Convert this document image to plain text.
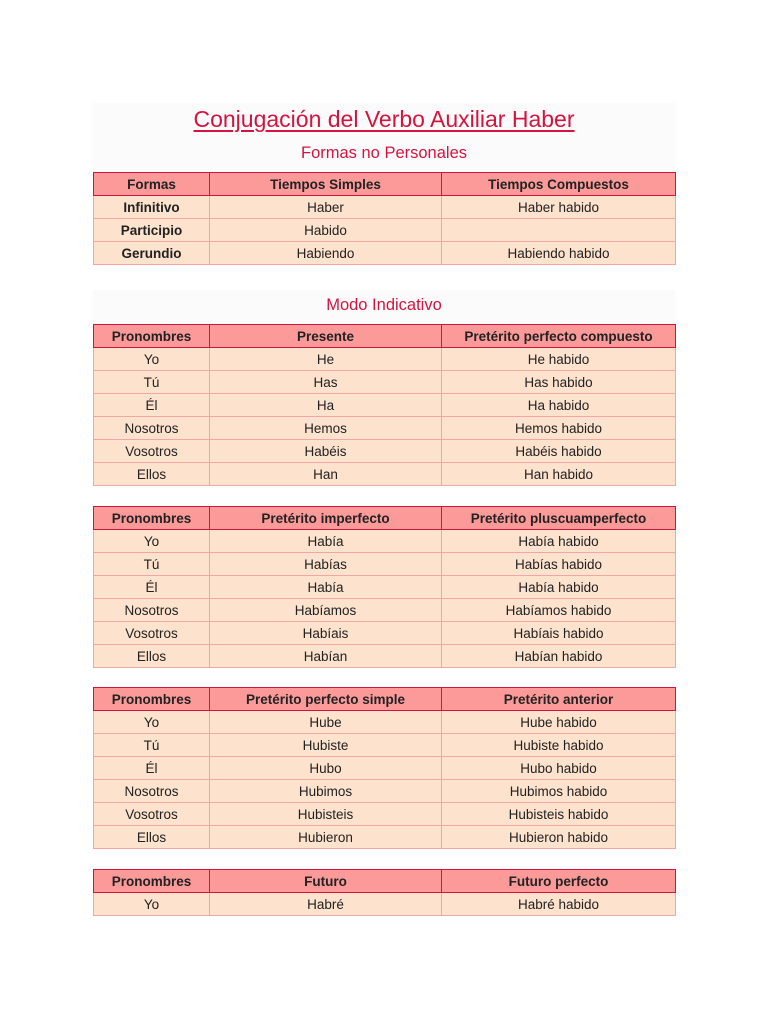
Conjugación del Verbo Auxiliar Haber
Formas no Personales
Formas	Tiempos Simples	Tiempos Compuestos
Infinitivo	Haber	Haber habido
Participio	Habido	
Gerundio	Habiendo	Habiendo habido
Modo Indicativo
Pronombres	Presente	Pretérito perfecto compuesto
Yo	He	He habido
Tú	Has	Has habido
Él	Ha	Ha habido
Nosotros	Hemos	Hemos habido
Vosotros	Habéis	Habéis habido
Ellos	Han	Han habido
Pronombres	Pretérito imperfecto	Pretérito pluscuamperfecto
Yo	Había	Había habido
Tú	Habías	Habías habido
Él	Había	Había habido
Nosotros	Habíamos	Habíamos habido
Vosotros	Habíais	Habíais habido
Ellos	Habían	Habían habido
Pronombres	Pretérito perfecto simple	Pretérito anterior
Yo	Hube	Hube habido
Tú	Hubiste	Hubiste habido
Él	Hubo	Hubo habido
Nosotros	Hubimos	Hubimos habido
Vosotros	Hubisteis	Hubisteis habido
Ellos	Hubieron	Hubieron habido
Pronombres	Futuro	Futuro perfecto
Yo	Habré	Habré habido
